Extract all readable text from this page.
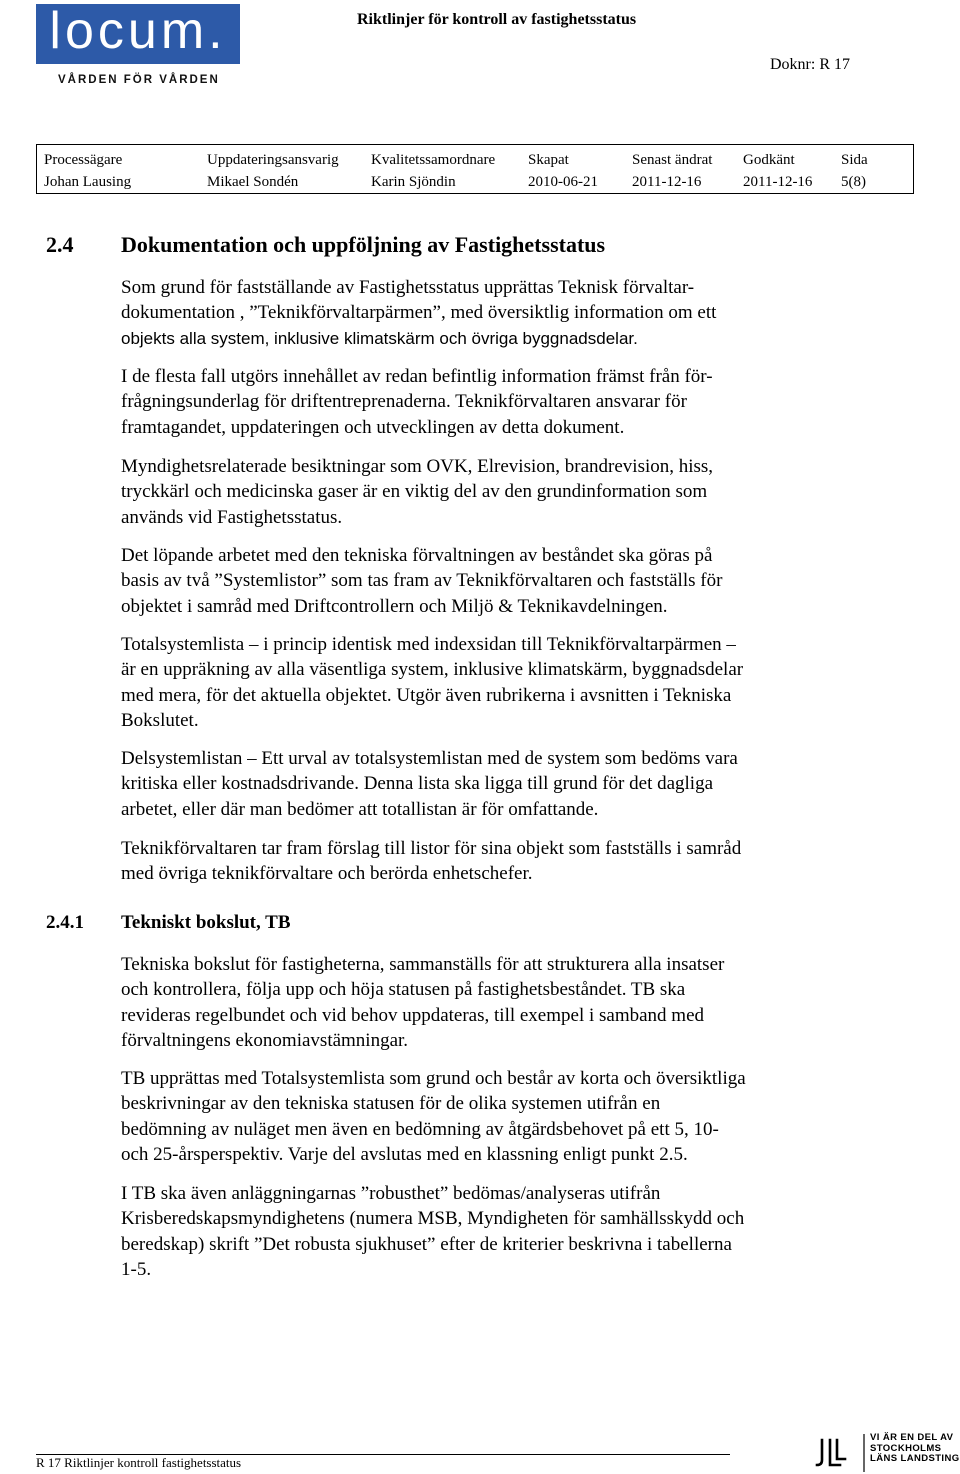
locum.
VÅRDEN FÖR VÅRDEN
Riktlinjer för kontroll av fastighetsstatus
Doknr: R 17
Processägare
Johan Lausing
Uppdateringsansvarig
Mikael Sondén
Kvalitetssamordnare
Karin Sjöndin
Skapat
2010-06-21
Senast ändrat
2011-12-16
Godkänt
2011-12-16
Sida
5(8)
2.4 Dokumentation och uppföljning av Fastighetsstatus

Som grund för fastställande av Fastighetsstatus upprättas Teknisk förvaltar-
dokumentation , ”Teknikförvaltarpärmen”, med översiktlig information om ett
objekts alla system, inklusive klimatskärm och övriga byggnadsdelar.

I de flesta fall utgörs innehållet av redan befintlig information främst från för-
frågningsunderlag för driftentreprenaderna. Teknikförvaltaren ansvarar för
framtagandet, uppdateringen och utvecklingen av detta dokument.

Myndighetsrelaterade besiktningar som OVK, Elrevision, brandrevision, hiss,
tryckkärl och medicinska gaser är en viktig del av den grundinformation som
används vid Fastighetsstatus.

Det löpande arbetet med den tekniska förvaltningen av beståndet ska göras på
basis av två ”Systemlistor” som tas fram av Teknikförvaltaren och fastställs för
objektet i samråd med Driftcontrollern och Miljö & Teknikavdelningen.

Totalsystemlista – i princip identisk med indexsidan till Teknikförvaltarpärmen –
är en uppräkning av alla väsentliga system, inklusive klimatskärm, byggnadsdelar
med mera, för det aktuella objektet. Utgör även rubrikerna i avsnitten i Tekniska
Bokslutet.

Delsystemlistan – Ett urval av totalsystemlistan med de system som bedöms vara
kritiska eller kostnadsdrivande. Denna lista ska ligga till grund för det dagliga
arbetet, eller där man bedömer att totallistan är för omfattande.

Teknikförvaltaren tar fram förslag till listor för sina objekt som fastställs i samråd
med övriga teknikförvaltare och berörda enhetschefer.

2.4.1 Tekniskt bokslut, TB

Tekniska bokslut för fastigheterna, sammanställs för att strukturera alla insatser
och kontrollera, följa upp och höja statusen på fastighetsbeståndet. TB ska
revideras regelbundet och vid behov uppdateras, till exempel i samband med
förvaltningens ekonomiavstämningar.

TB upprättas med Totalsystemlista som grund och består av korta och översiktliga
beskrivningar av den tekniska statusen för de olika systemen utifrån en
bedömning av nuläget men även en bedömning av åtgärdsbehovet på ett 5, 10-
och 25-årsperspektiv. Varje del avslutas med en klassning enligt punkt 2.5.

I TB ska även anläggningarnas ”robusthet” bedömas/analyseras utifrån
Krisberedskapsmyndighetens (numera MSB, Myndigheten för samhällsskydd och
beredskap) skrift ”Det robusta sjukhuset” efter de kriterier beskrivna i tabellerna
1-5.

R 17 Riktlinjer kontroll fastighetsstatus
VI ÄR EN DEL AV
STOCKHOLMS
LÄNS LANDSTING
